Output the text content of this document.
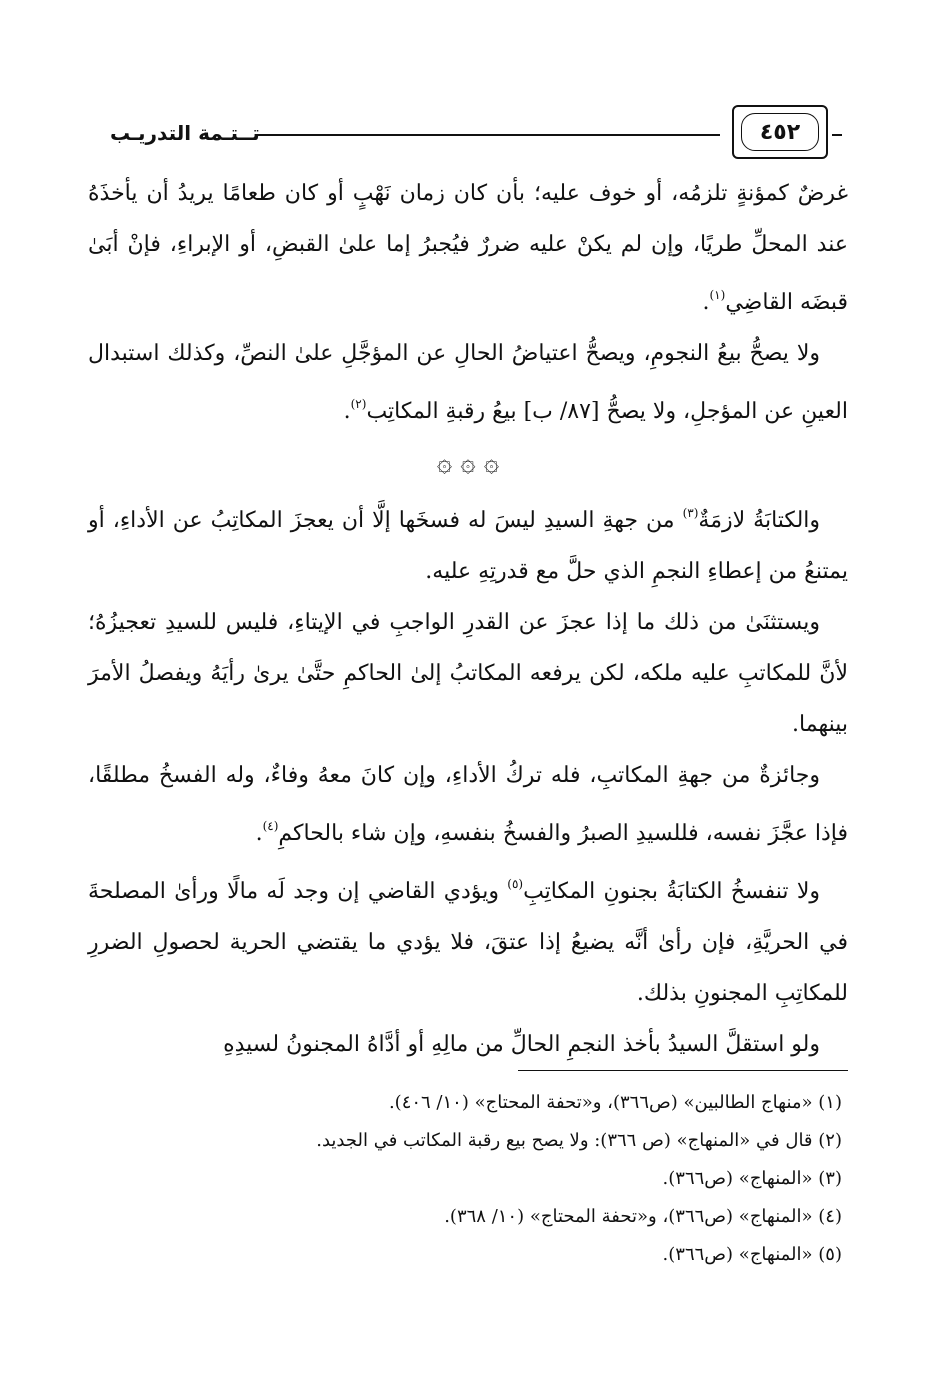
تــتـمة التدريـب	٤٥٢

غرضٌ كمؤنةٍ تلزمُه، أو خوف عليه؛ بأن كان زمان نَهْبٍ أو كان طعامًا يريدُ أن يأخذَهُ عند المحلِّ طريًا، وإن لم يكنْ عليه ضررٌ فيُجبرُ إما علىٰ القبضِ، أو الإبراءِ، فإنْ أبَىٰ قبضَه القاضِي$^{(١)}$.

ولا يصحُّ بيعُ النجومِ، ويصحُّ اعتياضُ الحالِ عن المؤجَّلِ علىٰ النصِّ، وكذلك استبدال العينِ عن المؤجلِ، ولا يصحُّ [٨٧/ ب] بيعُ رقبةِ المكاتِب$^{(٢)}$.

۞ ۞ ۞

والكتابَةُ لازمَةٌ$^{(٣)}$ من جهةِ السيدِ ليسَ له فسخَها إلَّا أن يعجزَ المكاتِبُ عن الأداءِ، أو يمتنعُ من إعطاءِ النجمِ الذي حلَّ مع قدرتِهِ عليه.

ويستثنَىٰ من ذلك ما إذا عجزَ عن القدرِ الواجبِ في الإيتاءِ، فليس للسيدِ تعجيزُهُ؛ لأنَّ للمكاتبِ عليه ملكه، لكن يرفعه المكاتبُ إلىٰ الحاكمِ حتَّىٰ يرىٰ رأيَهُ ويفصلُ الأمرَ بينهما.

وجائزةٌ من جهةِ المكاتبِ، فله تركُ الأداءِ، وإن كانَ معهُ وفاءٌ، وله الفسخُ مطلقًا، فإذا عجَّزَ نفسه، فللسيدِ الصبرُ والفسخُ بنفسهِ، وإن شاء بالحاكمِ$^{(٤)}$.

ولا تنفسخُ الكتابَةُ بجنونِ المكاتِبِ$^{(٥)}$ ويؤدي القاضي إن وجد لَه مالًا ورأىٰ المصلحةَ في الحريَّةِ، فإن رأىٰ أنَّه يضيعُ إذا عتقَ، فلا يؤدي ما يقتضي الحرية لحصولِ الضررِ للمكاتِبِ المجنونِ بذلك.

ولو استقلَّ السيدُ بأخذ النجمِ الحالِّ من مالِهِ أو أدَّاهُ المجنونُ لسيدِهِ

(١) «منهاج الطالبين» (ص٣٦٦)، و«تحفة المحتاج» (١٠/ ٤٠٦).
(٢) قال في «المنهاج» (ص ٣٦٦): ولا يصح بيع رقبة المكاتب في الجديد.
(٣) «المنهاج» (ص٣٦٦).
(٤) «المنهاج» (ص٣٦٦)، و«تحفة المحتاج» (١٠/ ٣٦٨).
(٥) «المنهاج» (ص٣٦٦).
